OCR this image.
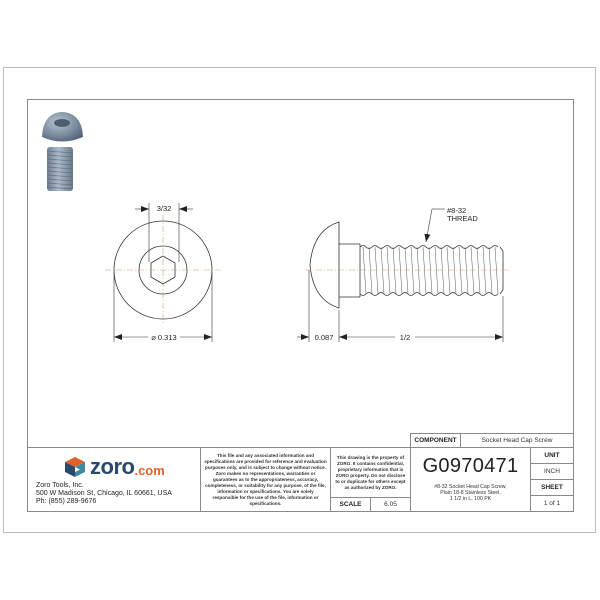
3/32
⌀ 0.313
#8-32
THREAD
0.087	1/2
zoro .com
Zoro Tools, Inc.
500 W Madison St, Chicago, IL 60661, USA
Ph: (855) 289-9676
This file and any associated information and specifications are provided for reference and evaluation purposes only, and is subject to change without notice. Zoro makes no representations, warranties or guarantees as to the appropriateness, accuracy, completeness, or suitability for any purpose, of the file, information or specifications. You are solely responsible for the use of the file, information or specifications.
This drawing is the property of ZORO. It contains confidential, proprietary information that is ZORO property. Do not disclose to or duplicate for others except as authorized by ZORO.
SCALE	6.05
COMPONENT	Socket Head Cap Screw
G0970471
#8-32 Socket Head Cap Screw,
Plain 18-8 Stainless Steel,
1 1/2 in L, 100 PK
UNIT
INCH
SHEET
1 of 1
